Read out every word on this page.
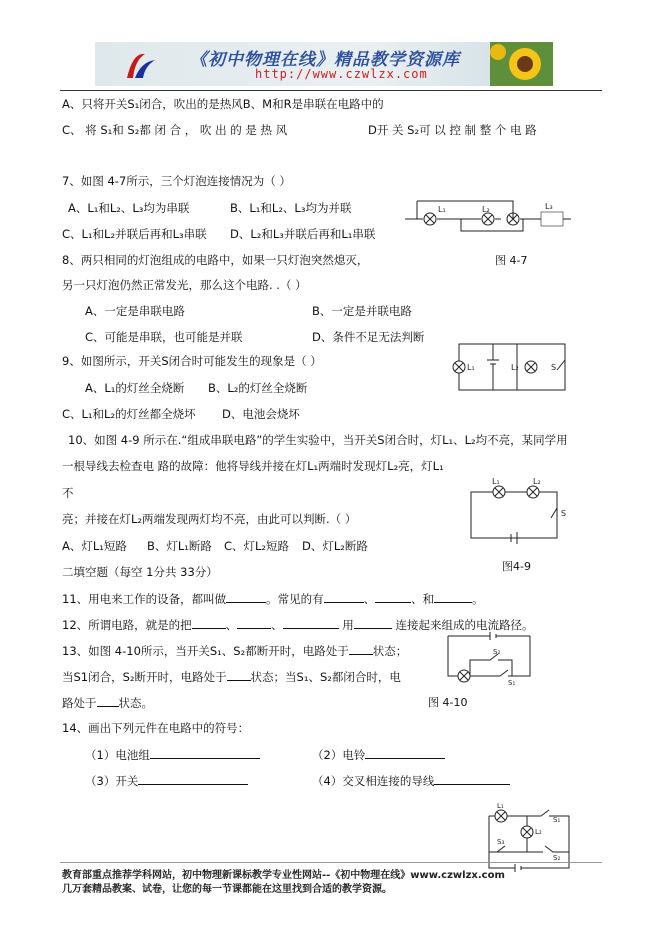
《初中物理在线》精品教学资源库
http://www.czwlzx.com
A、只将开关S₁闭合，吹出的是热风B、M和R是串联在电路中的
C、 将 S₁和 S₂都 闭 合 ， 吹 出 的 是 热 风	D开 关 S₂可 以 控 制 整 个 电 路
7、如图 4-7所示，三个灯泡连接情况为（ ）
A、L₁和L₂、L₃均为串联	B、L₁和L₂、L₃均为并联
C、L₁和L₂并联后再和L₃串联 D、L₂和L₃并联后再和L₁串联
L₁	L₂	L₃
图 4-7
8、两只相同的灯泡组成的电路中，如果一只灯泡突然熄灭，
另一只灯泡仍然正常发光，那么这个电路. .（ ）
A、一定是串联电路	B、一定是并联电路
C、可能是串联，也可能是并联	D、条件不足无法判断
L₁	L₂	S
9、如图所示，开关S闭合时可能发生的现象是（ ）
A、L₁的灯丝全烧断 B、L₂的灯丝全烧断
C、L₁和L₂的灯丝都全烧坏 D、电池会烧坏
10、如图 4-9 所示在.“组成串联电路”的学生实验中，当开关S闭合时，灯L₁、L₂均不亮，某同学用
一根导线去检查电 路的故障：他将导线并接在灯L₁两端时发现灯L₂亮，灯L₁
不
亮；并接在灯L₂两端发现两灯均不亮，由此可以判断.（ ）
A、灯L₁短路 B、灯L₁断路 C、灯L₂短路 D、灯L₂断路
L₁	L₂
S
图4-9
二填空题（每空 1分共 33分）
11、用电来工作的设备，都叫做	。常见的有	、	、和	。
12、所谓电路，就是的把	、	、	用	连接起来组成的电流路径。
13、如图 4-10所示，当开关S₁、S₂都断开时，电路处于 状态；
当S1闭合，S₂断开时，电路处于 状态；当S₁、S₂都闭合时，电
路处于 状态。
S₂
S₁
图 4-10
14、画出下列元件在电路中的符号：
（1）电池组	（2）电铃
（3）开关	（4）交叉相连接的导线
L₁
L₂
S₁
S₂
S₃
教育部重点推荐学科网站，初中物理新课标教学专业性网站--《初中物理在线》www.czwlzx.com
几万套精品教案、试卷，让您的每一节课都能在这里找到合适的教学资源。
